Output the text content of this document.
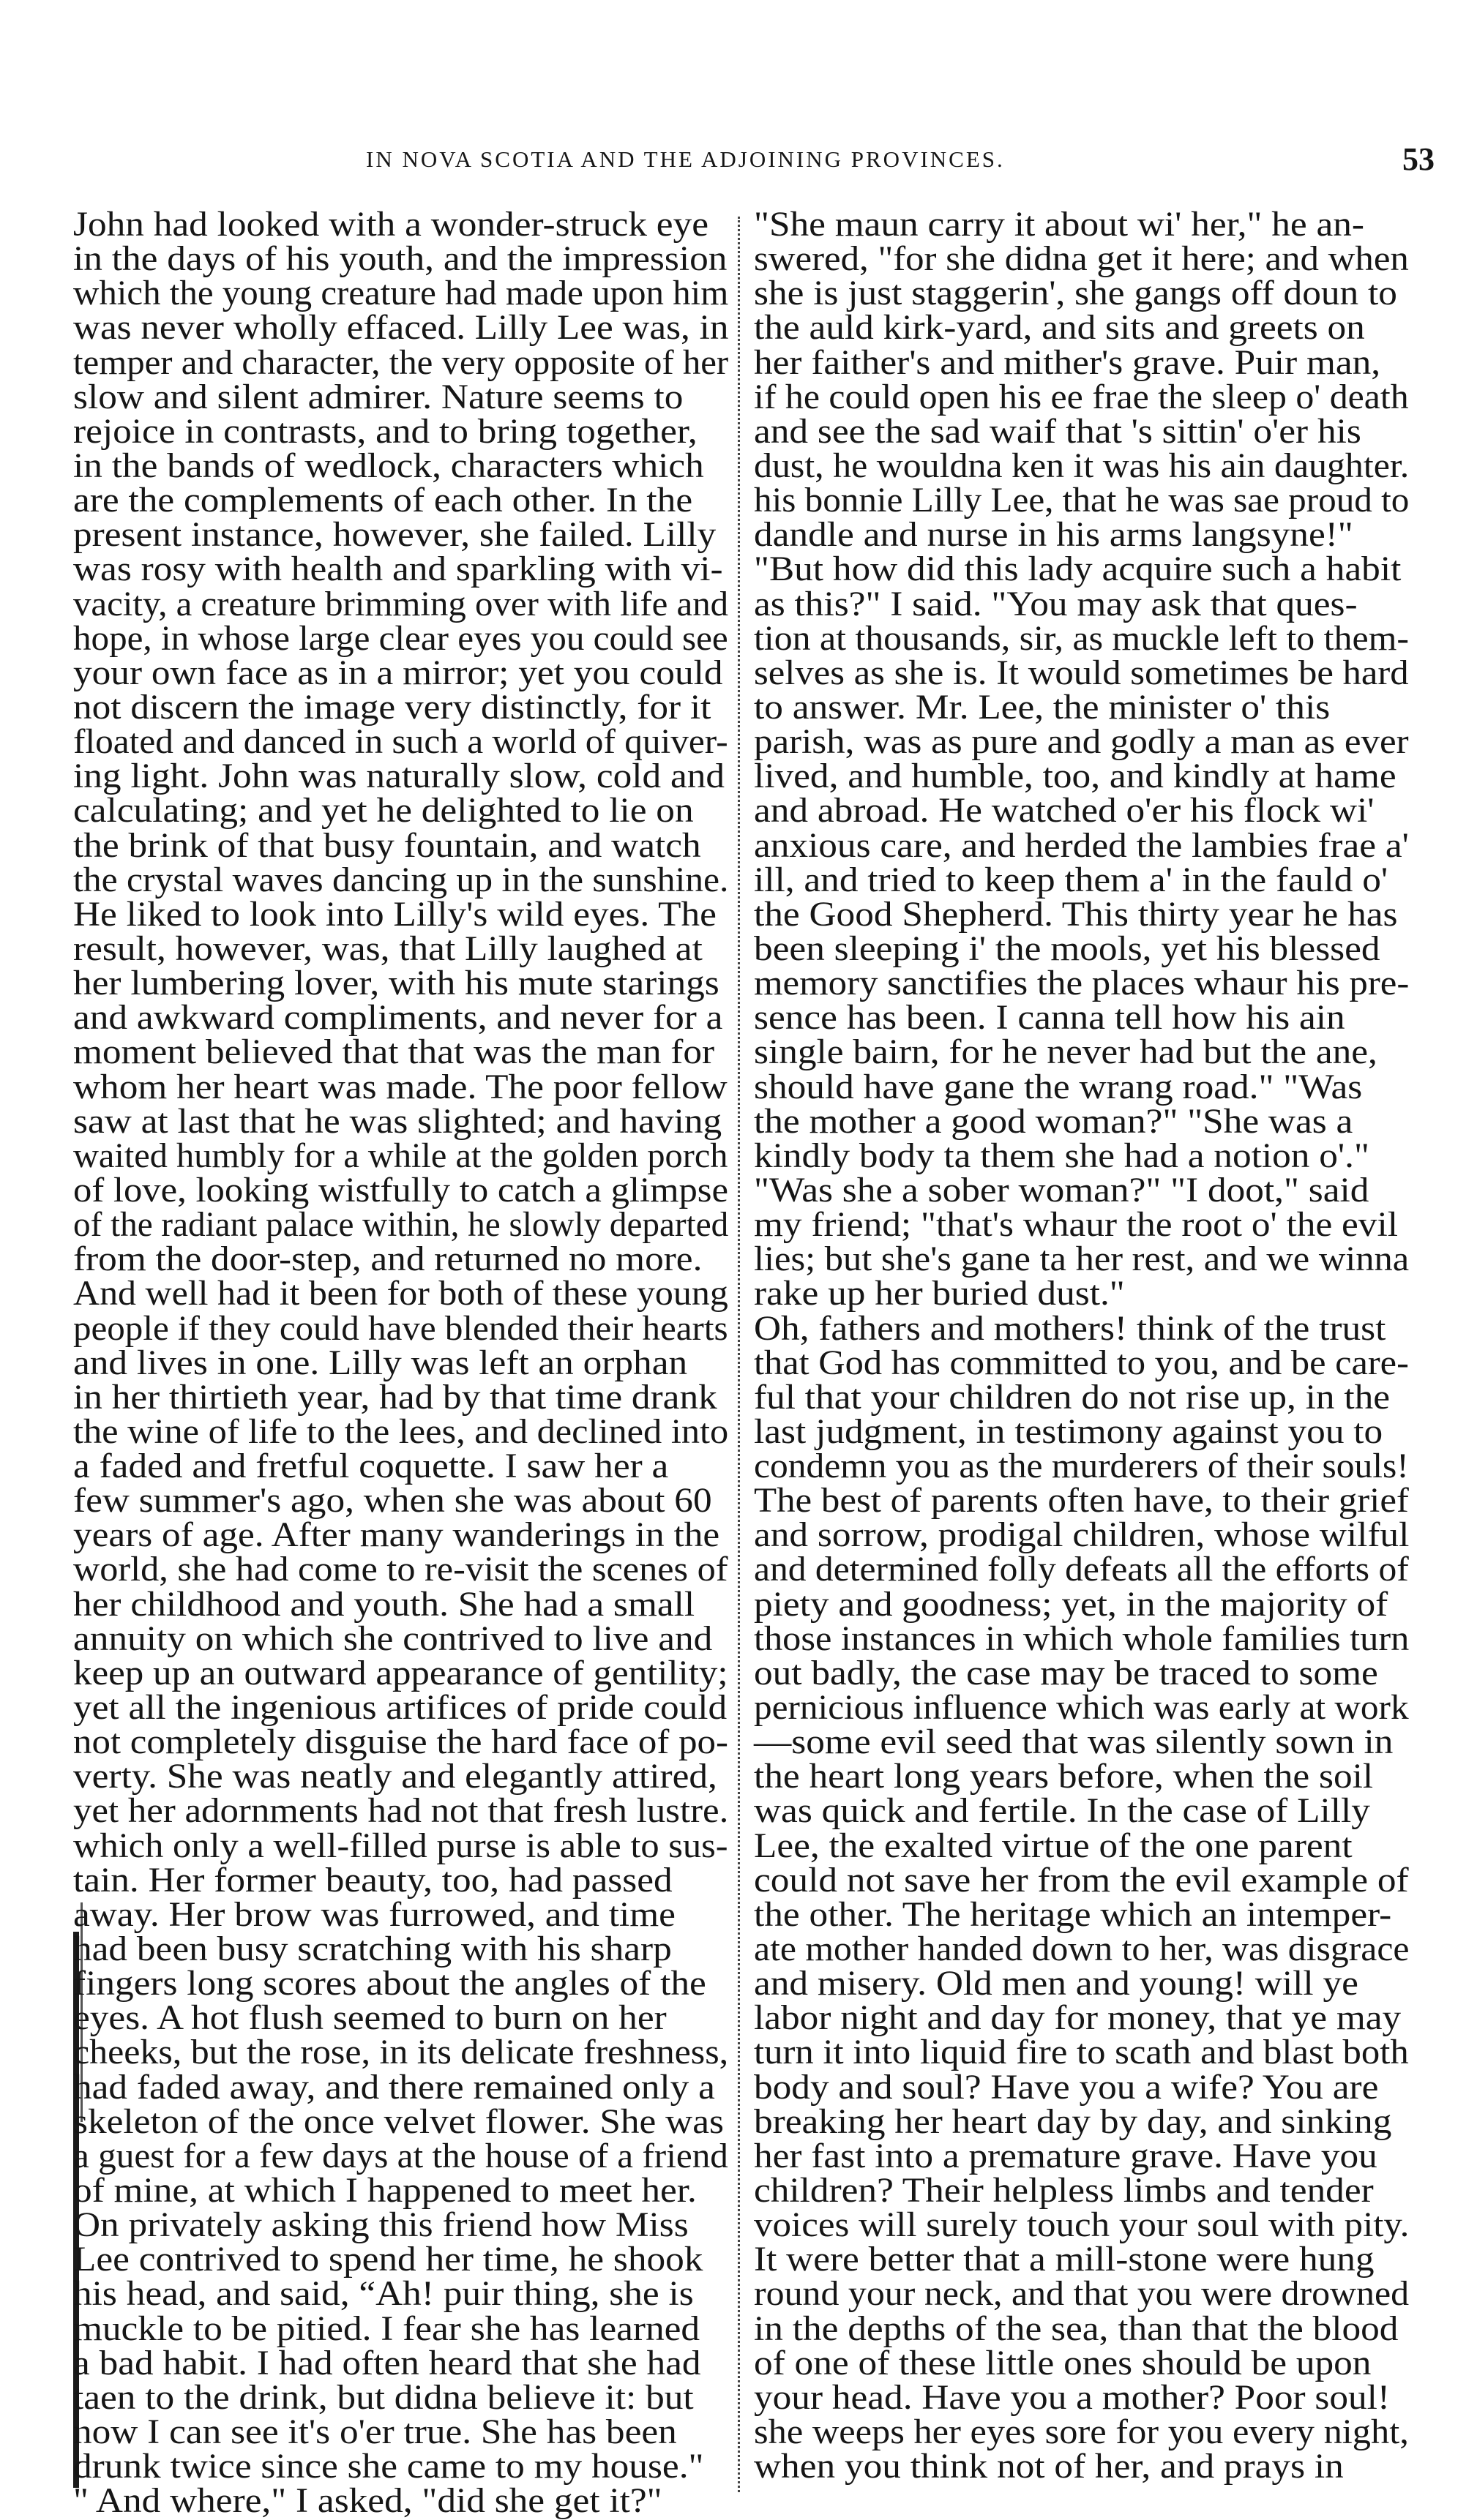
IN NOVA SCOTIA AND THE ADJOINING PROVINCES.	53
John had looked with a wonder-struck eye
in the days of his youth, and the impression
which the young creature had made upon him
was never wholly effaced. Lilly Lee was, in
temper and character, the very opposite of her
slow and silent admirer. Nature seems to
rejoice in contrasts, and to bring together,
in the bands of wedlock, characters which
are the complements of each other. In the
present instance, however, she failed. Lilly
was rosy with health and sparkling with vi-
vacity, a creature brimming over with life and
hope, in whose large clear eyes you could see
your own face as in a mirror; yet you could
not discern the image very distinctly, for it
floated and danced in such a world of quiver-
ing light. John was naturally slow, cold and
calculating; and yet he delighted to lie on
the brink of that busy fountain, and watch
the crystal waves dancing up in the sunshine.
He liked to look into Lilly's wild eyes. The
result, however, was, that Lilly laughed at
her lumbering lover, with his mute starings
and awkward compliments, and never for a
moment believed that that was the man for
whom her heart was made. The poor fellow
saw at last that he was slighted; and having
waited humbly for a while at the golden porch
of love, looking wistfully to catch a glimpse
of the radiant palace within, he slowly departed
from the door-step, and returned no more.
And well had it been for both of these young
people if they could have blended their hearts
and lives in one. Lilly was left an orphan
in her thirtieth year, had by that time drank
the wine of life to the lees, and declined into
a faded and fretful coquette. I saw her a
few summer's ago, when she was about 60
years of age. After many wanderings in the
world, she had come to re-visit the scenes of
her childhood and youth. She had a small
annuity on which she contrived to live and
keep up an outward appearance of gentility;
yet all the ingenious artifices of pride could
not completely disguise the hard face of po-
verty. She was neatly and elegantly attired,
yet her adornments had not that fresh lustre.
which only a well-filled purse is able to sus-
tain. Her former beauty, too, had passed
away. Her brow was furrowed, and time
had been busy scratching with his sharp
fingers long scores about the angles of the
eyes. A hot flush seemed to burn on her
cheeks, but the rose, in its delicate freshness,
had faded away, and there remained only a
skeleton of the once velvet flower. She was
a guest for a few days at the house of a friend
of mine, at which I happened to meet her.
On privately asking this friend how Miss
Lee contrived to spend her time, he shook
his head, and said, “Ah! puir thing, she is
muckle to be pitied. I fear she has learned
a bad habit. I had often heard that she had
taen to the drink, but didna believe it: but
now I can see it's o'er true. She has been
drunk twice since she came to my house."
" And where," I asked, "did she get it?"
"She maun carry it about wi' her," he an-
swered, "for she didna get it here; and when
she is just staggerin', she gangs off doun to
the auld kirk-yard, and sits and greets on
her faither's and mither's grave. Puir man,
if he could open his ee frae the sleep o' death
and see the sad waif that 's sittin' o'er his
dust, he wouldna ken it was his ain daughter.
his bonnie Lilly Lee, that he was sae proud to
dandle and nurse in his arms langsyne!"
"But how did this lady acquire such a habit
as this?" I said. "You may ask that ques-
tion at thousands, sir, as muckle left to them-
selves as she is. It would sometimes be hard
to answer. Mr. Lee, the minister o' this
parish, was as pure and godly a man as ever
lived, and humble, too, and kindly at hame
and abroad. He watched o'er his flock wi'
anxious care, and herded the lambies frae a'
ill, and tried to keep them a' in the fauld o'
the Good Shepherd. This thirty year he has
been sleeping i' the mools, yet his blessed
memory sanctifies the places whaur his pre-
sence has been. I canna tell how his ain
single bairn, for he never had but the ane,
should have gane the wrang road." "Was
the mother a good woman?" "She was a
kindly body ta them she had a notion o'."
"Was she a sober woman?" "I doot," said
my friend; "that's whaur the root o' the evil
lies; but she's gane ta her rest, and we winna
rake up her buried dust."
Oh, fathers and mothers! think of the trust
that God has committed to you, and be care-
ful that your children do not rise up, in the
last judgment, in testimony against you to
condemn you as the murderers of their souls!
The best of parents often have, to their grief
and sorrow, prodigal children, whose wilful
and determined folly defeats all the efforts of
piety and goodness; yet, in the majority of
those instances in which whole families turn
out badly, the case may be traced to some
pernicious influence which was early at work
—some evil seed that was silently sown in
the heart long years before, when the soil
was quick and fertile. In the case of Lilly
Lee, the exalted virtue of the one parent
could not save her from the evil example of
the other. The heritage which an intemper-
ate mother handed down to her, was disgrace
and misery. Old men and young! will ye
labor night and day for money, that ye may
turn it into liquid fire to scath and blast both
body and soul? Have you a wife? You are
breaking her heart day by day, and sinking
her fast into a premature grave. Have you
children? Their helpless limbs and tender
voices will surely touch your soul with pity.
It were better that a mill-stone were hung
round your neck, and that you were drowned
in the depths of the sea, than that the blood
of one of these little ones should be upon
your head. Have you a mother? Poor soul!
she weeps her eyes sore for you every night,
when you think not of her, and prays in
